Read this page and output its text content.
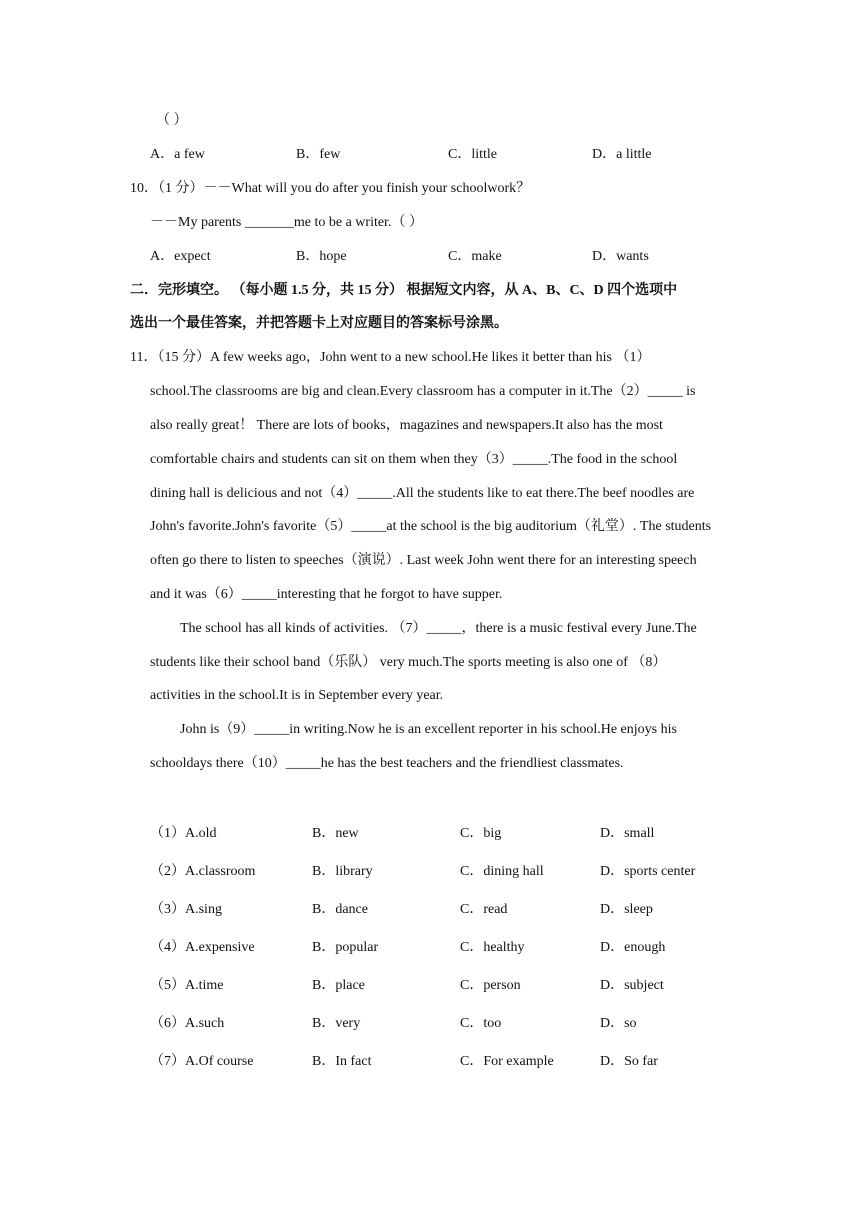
（ ）
A．a few	B．few	C．little	D．a little
10．（1 分）－－What will you do after you finish your schoolwork？
－－My parents _______me to be a writer.（ ）
A．expect	B．hope	C．make	D．wants
二．完形填空。 （每小题 1.5 分，共 15 分） 根据短文内容，从 A、B、C、D 四个选项中
选出一个最佳答案，并把答题卡上对应题目的答案标号涂黑。
11．（15 分）A few weeks ago，John went to a new school.He likes it better than his （1）
school.The classrooms are big and clean.Every classroom has a computer in it.The（2）_____ is
also really great！ There are lots of books，magazines and newspapers.It also has the most
comfortable chairs and students can sit on them when they（3）_____.The food in the school
dining hall is delicious and not（4）_____.All the students like to eat there.The beef noodles are
John's favorite.John's favorite（5）_____at the school is the big auditorium（礼堂）. The students
often go there to listen to speeches（演说）. Last week John went there for an interesting speech
and it was（6）_____interesting that he forgot to have supper.
The school has all kinds of activities. （7）_____，there is a music festival every June.The
students like their school band（乐队） very much.The sports meeting is also one of （8）
activities in the school.It is in September every year.
John is（9）_____in writing.Now he is an excellent reporter in his school.He enjoys his
schooldays there（10）_____he has the best teachers and the friendliest classmates.
（1）A.old	B．new	C．big	D．small
（2）A.classroom	B．library	C．dining hall	D．sports center
（3）A.sing	B．dance	C．read	D．sleep
（4）A.expensive	B．popular	C．healthy	D．enough
（5）A.time	B．place	C．person	D．subject
（6）A.such	B．very	C．too	D．so
（7）A.Of course	B．In fact	C．For example	D．So far
